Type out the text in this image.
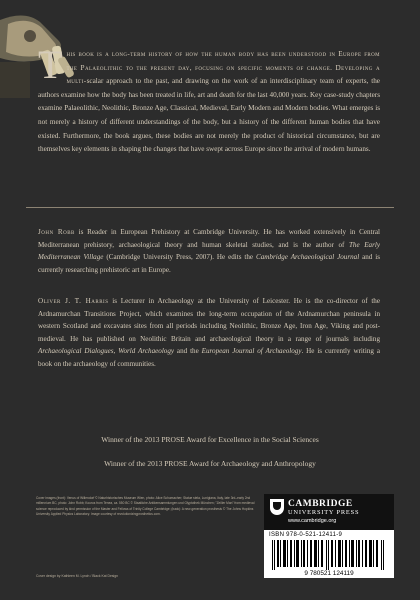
This book is a long-term history of how the human body has been understood in Europe from the Palaeolithic to the present day, focusing on specific moments of change. Developing a multi-scalar approach to the past, and drawing on the work of an interdisciplinary team of experts, the authors examine how the body has been treated in life, art and death for the last 40,000 years. Key case-study chapters examine Palaeolithic, Neolithic, Bronze Age, Classical, Medieval, Early Modern and Modern bodies. What emerges is not merely a history of different understandings of the body, but a history of the different human bodies that have existed. Furthermore, the book argues, these bodies are not merely the product of historical circumstance, but are themselves key elements in shaping the changes that have swept across Europe since the arrival of modern humans.
John Robb is Reader in European Prehistory at Cambridge University. He has worked extensively in Central Mediterranean prehistory, archaeological theory and human skeletal studies, and is the author of The Early Mediterranean Village (Cambridge University Press, 2007). He edits the Cambridge Archaeological Journal and is currently researching prehistoric art in Europe.
Oliver J. T. Harris is Lecturer in Archaeology at the University of Leicester. He is the co-director of the Ardnamurchan Transitions Project, which examines the long-term occupation of the Ardnamurchan peninsula in western Scotland and excavates sites from all periods including Neolithic, Bronze Age, Iron Age, Viking and post-medieval. He has published on Neolithic Britain and archaeological theory in a range of journals including Archaeological Dialogues, World Archaeology and the European Journal of Archaeology. He is currently writing a book on the archaeology of communities.
Winner of the 2013 PROSE Award for Excellence in the Social Sciences
Winner of the 2013 PROSE Award for Archaeology and Anthropology
Cover images (front): Venus of Willendorf © Naturhistorisches Museum Wien, photo: Alice Schumacher; Statue stela, Lunigiana, Italy, late 3rd–early 2nd millennium BC, photo: John Robb; Kouros from Tenea, ca. 550 BC © Staatliche Antikensammlungen und Glyptothek München; "Zeiller Man" from medieval science reproduced by kind permission of the Master and Fellows of Trinity College Cambridge; (back): A new-generation prosthesis © The Johns Hopkins University Applied Physics Laboratory. Image courtesy of revolutionizingprosthetics.com.
Cover design by Kathleen M. Lynch / Black Kat Design
CAMBRIDGE
UNIVERSITY PRESS
www.cambridge.org
ISBN 978-0-521-12411-9
9 780521 124119
